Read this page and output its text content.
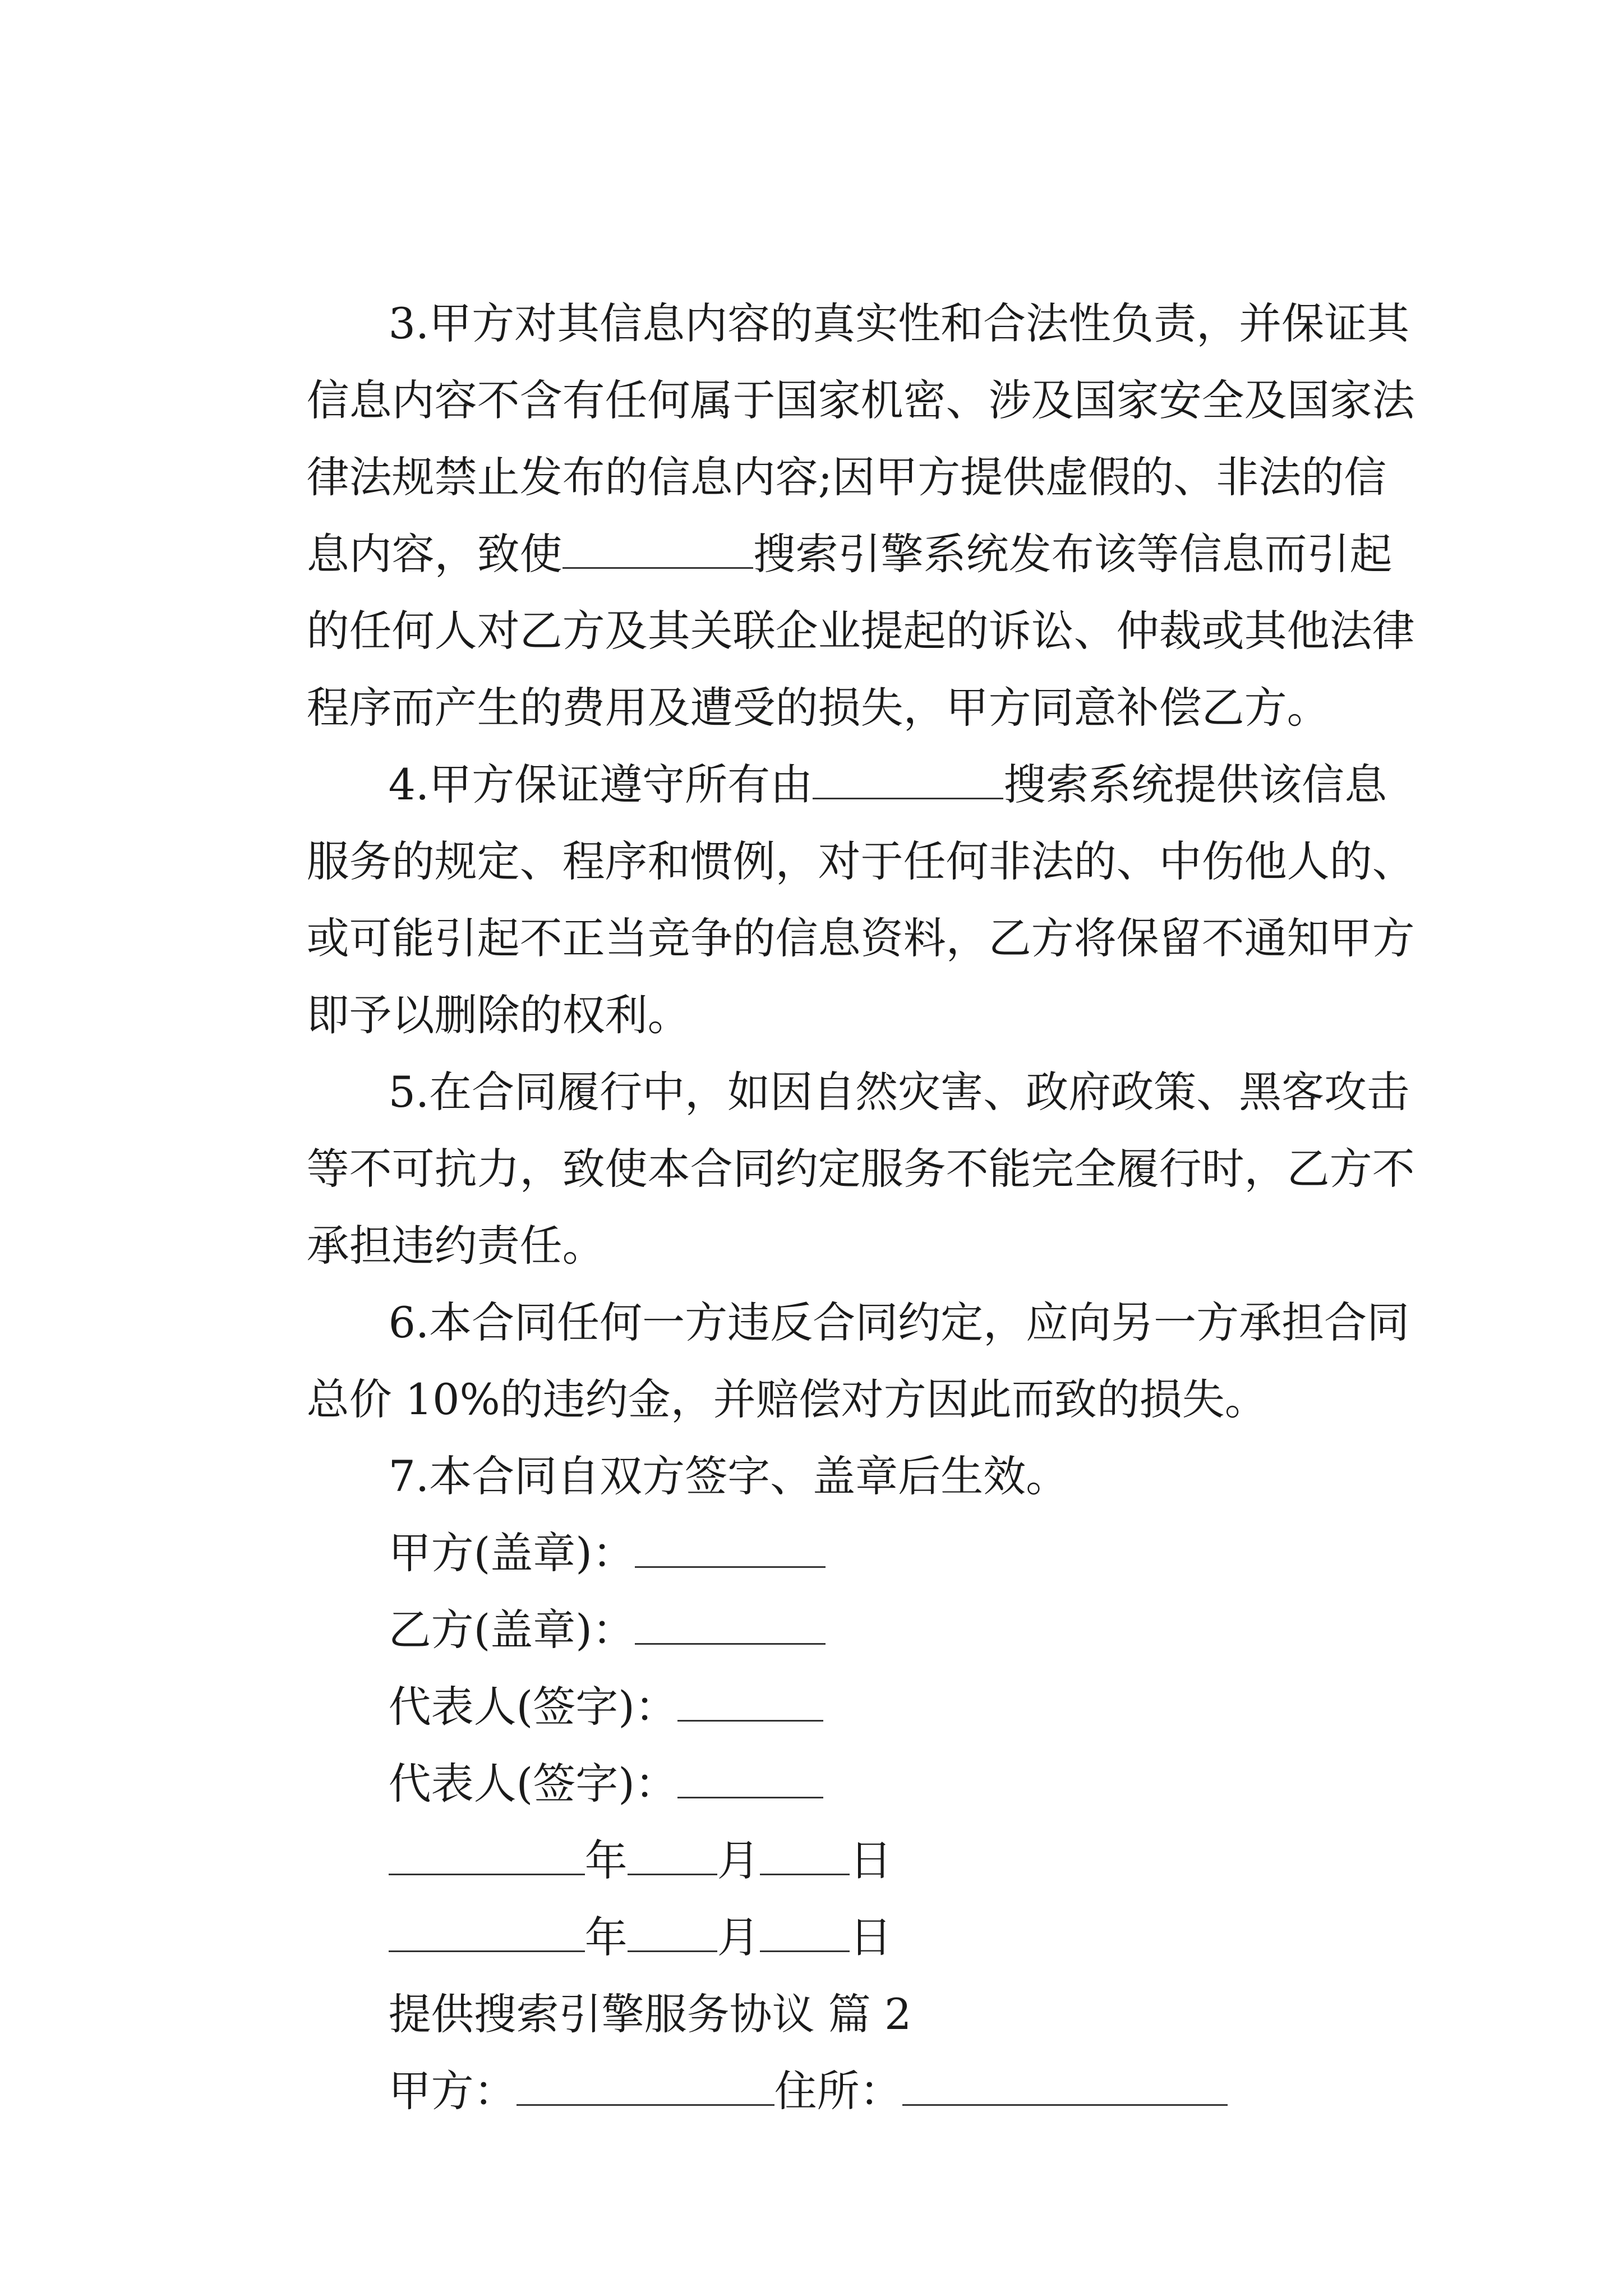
3.甲方对其信息内容的真实性和合法性负责，并保证其

信息内容不含有任何属于国家机密、涉及国家安全及国家法

律法规禁止发布的信息内容;因甲方提供虚假的、非法的信

息内容，致使	搜索引擎系统发布该等信息而引起

的任何人对乙方及其关联企业提起的诉讼、仲裁或其他法律

程序而产生的费用及遭受的损失，甲方同意补偿乙方。

4.甲方保证遵守所有由	搜索系统提供该信息

服务的规定、程序和惯例，对于任何非法的、中伤他人的、

或可能引起不正当竞争的信息资料，乙方将保留不通知甲方

即予以删除的权利。

5.在合同履行中，如因自然灾害、政府政策、黑客攻击

等不可抗力，致使本合同约定服务不能完全履行时，乙方不

承担违约责任。

6.本合同任何一方违反合同约定，应向另一方承担合同

总价 10%的违约金，并赔偿对方因此而致的损失。

7.本合同自双方签字、盖章后生效。

甲方(盖章)：

乙方(盖章)：

代表人(签字)：

代表人(签字)：

年 月 日

年 月 日

提供搜索引擎服务协议 篇 2

甲方：	住所：
